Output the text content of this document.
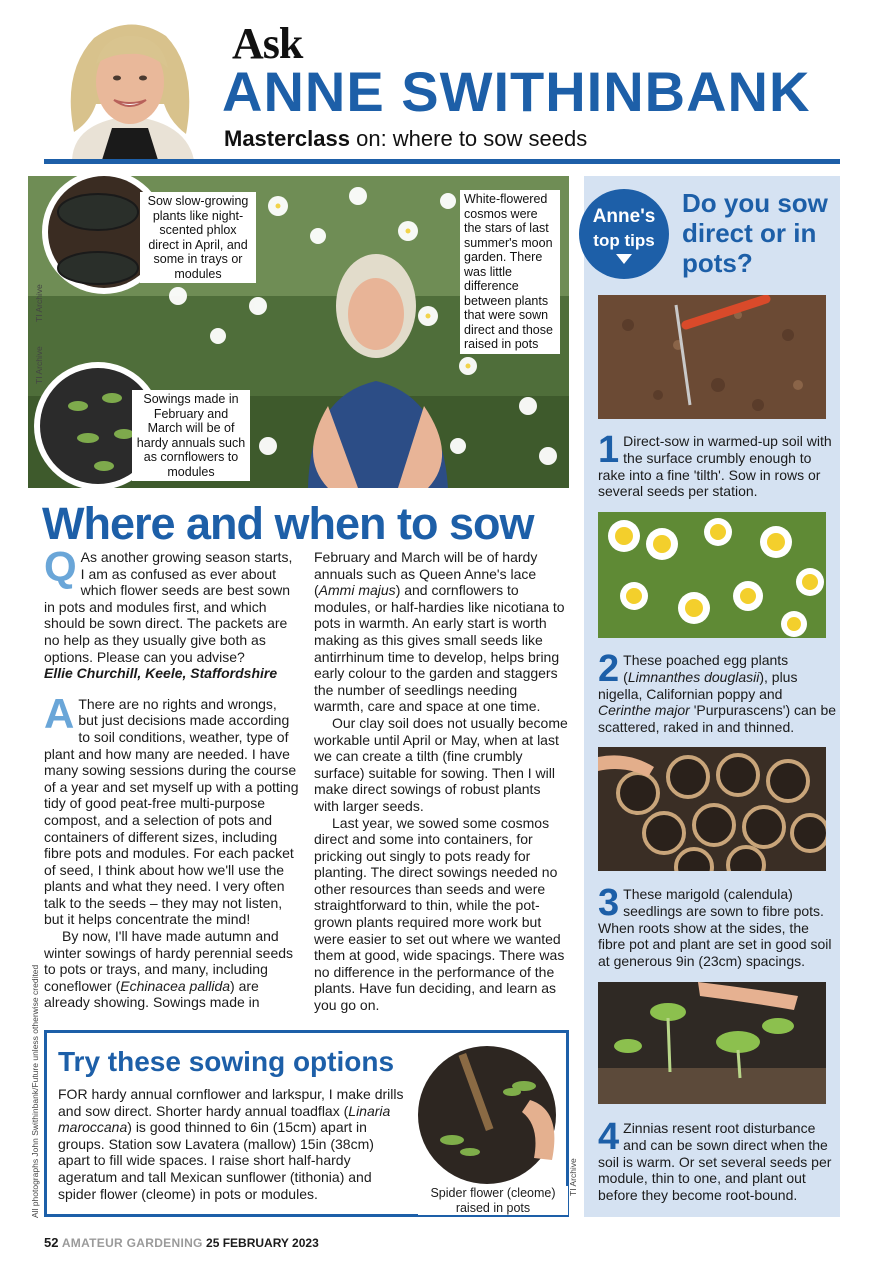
Ask
ANNE SWITHINBANK
Masterclass on: where to sow seeds
Sow slow-growing plants like night-scented phlox direct in April, and some in trays or modules
White-flowered cosmos were the stars of last summer's moon garden. There was little difference between plants that were sown direct and those raised in pots
Sowings made in February and March will be of hardy annuals such as cornflowers to modules
TI Archive
TI Archive
Where and when to sow

Q As another growing season starts, I am as confused as ever about which flower seeds are best sown in pots and modules first, and which should be sown direct. The packets are no help as they usually give both as options. Please can you advise?

Ellie Churchill, Keele, Staffordshire

A There are no rights and wrongs, but just decisions made according to soil conditions, weather, type of plant and how many are needed. I have many sowing sessions during the course of a year and set myself up with a potting tidy of good peat-free multi-purpose compost, and a selection of pots and containers of different sizes, including fibre pots and modules. For each packet of seed, I think about how we'll use the plants and what they need. I very often talk to the seeds – they may not listen, but it helps concentrate the mind!

By now, I'll have made autumn and winter sowings of hardy perennial seeds to pots or trays, and many, including coneflower (Echinacea pallida) are already showing. Sowings made in

February and March will be of hardy annuals such as Queen Anne's lace (Ammi majus) and cornflowers to modules, or half-hardies like nicotiana to pots in warmth. An early start is worth making as this gives small seeds like antirrhinum time to develop, helps bring early colour to the garden and staggers the number of seedlings needing warmth, care and space at one time.

Our clay soil does not usually become workable until April or May, when at last we can create a tilth (fine crumbly surface) suitable for sowing. Then I will make direct sowings of robust plants with larger seeds.

Last year, we sowed some cosmos direct and some into containers, for pricking out singly to pots ready for planting. The direct sowings needed no other resources than seeds and were straightforward to thin, while the pot-grown plants required more work but were easier to set out where we wanted them at good, wide spacings. There was no difference in the performance of the plants. Have fun deciding, and learn as you go on.

Try these sowing options
FOR hardy annual cornflower and larkspur, I make drills and sow direct. Shorter hardy annual toadflax (Linaria maroccana) is good thinned to 6in (15cm) apart in groups. Station sow Lavatera (mallow) 15in (38cm) apart to fill wide spaces. I raise short half-hardy ageratum and tall Mexican sunflower (tithonia) and spider flower (cleome) in pots or modules.	Spider flower (cleome) raised in pots
TI Archive
All photographs John Swithinbank/Future unless otherwise credited
Anne's
top tips
Do you sow direct or in pots?
1 Direct-sow in warmed-up soil with the surface crumbly enough to rake into a fine 'tilth'. Sow in rows or several seeds per station.
2 These poached egg plants (Limnanthes douglasii), plus nigella, Californian poppy and Cerinthe major 'Purpurascens') can be scattered, raked in and thinned.
3 These marigold (calendula) seedlings are sown to fibre pots. When roots show at the sides, the fibre pot and plant are set in good soil at generous 9in (23cm) spacings.
4 Zinnias resent root disturbance and can be sown direct when the soil is warm. Or set several seeds per module, thin to one, and plant out before they become root-bound.
52 AMATEUR GARDENING 25 FEBRUARY 2023
